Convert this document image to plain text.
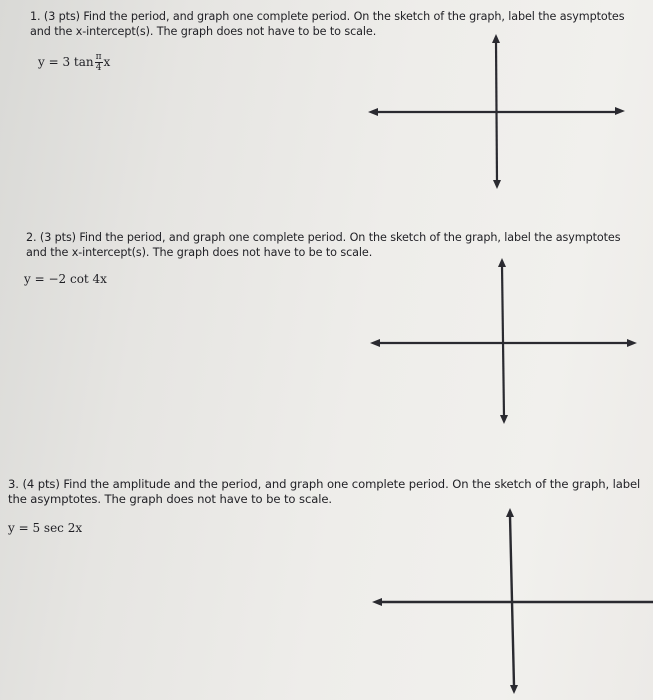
1. (3 pts) Find the period, and graph one complete period. On the sketch of the graph, label the asymptotes and the x-intercept(s). The graph does not have to be to scale.
y = 3 $\tan \frac{\pi}{4}$ x
2. (3 pts) Find the period, and graph one complete period. On the sketch of the graph, label the asymptotes and the x-intercept(s). The graph does not have to be to scale.
y = −2 cot 4x
3. (4 pts) Find the amplitude and the period, and graph one complete period. On the sketch of the graph, label the asymptotes. The graph does not have to be to scale.
y = 5 sec 2x
